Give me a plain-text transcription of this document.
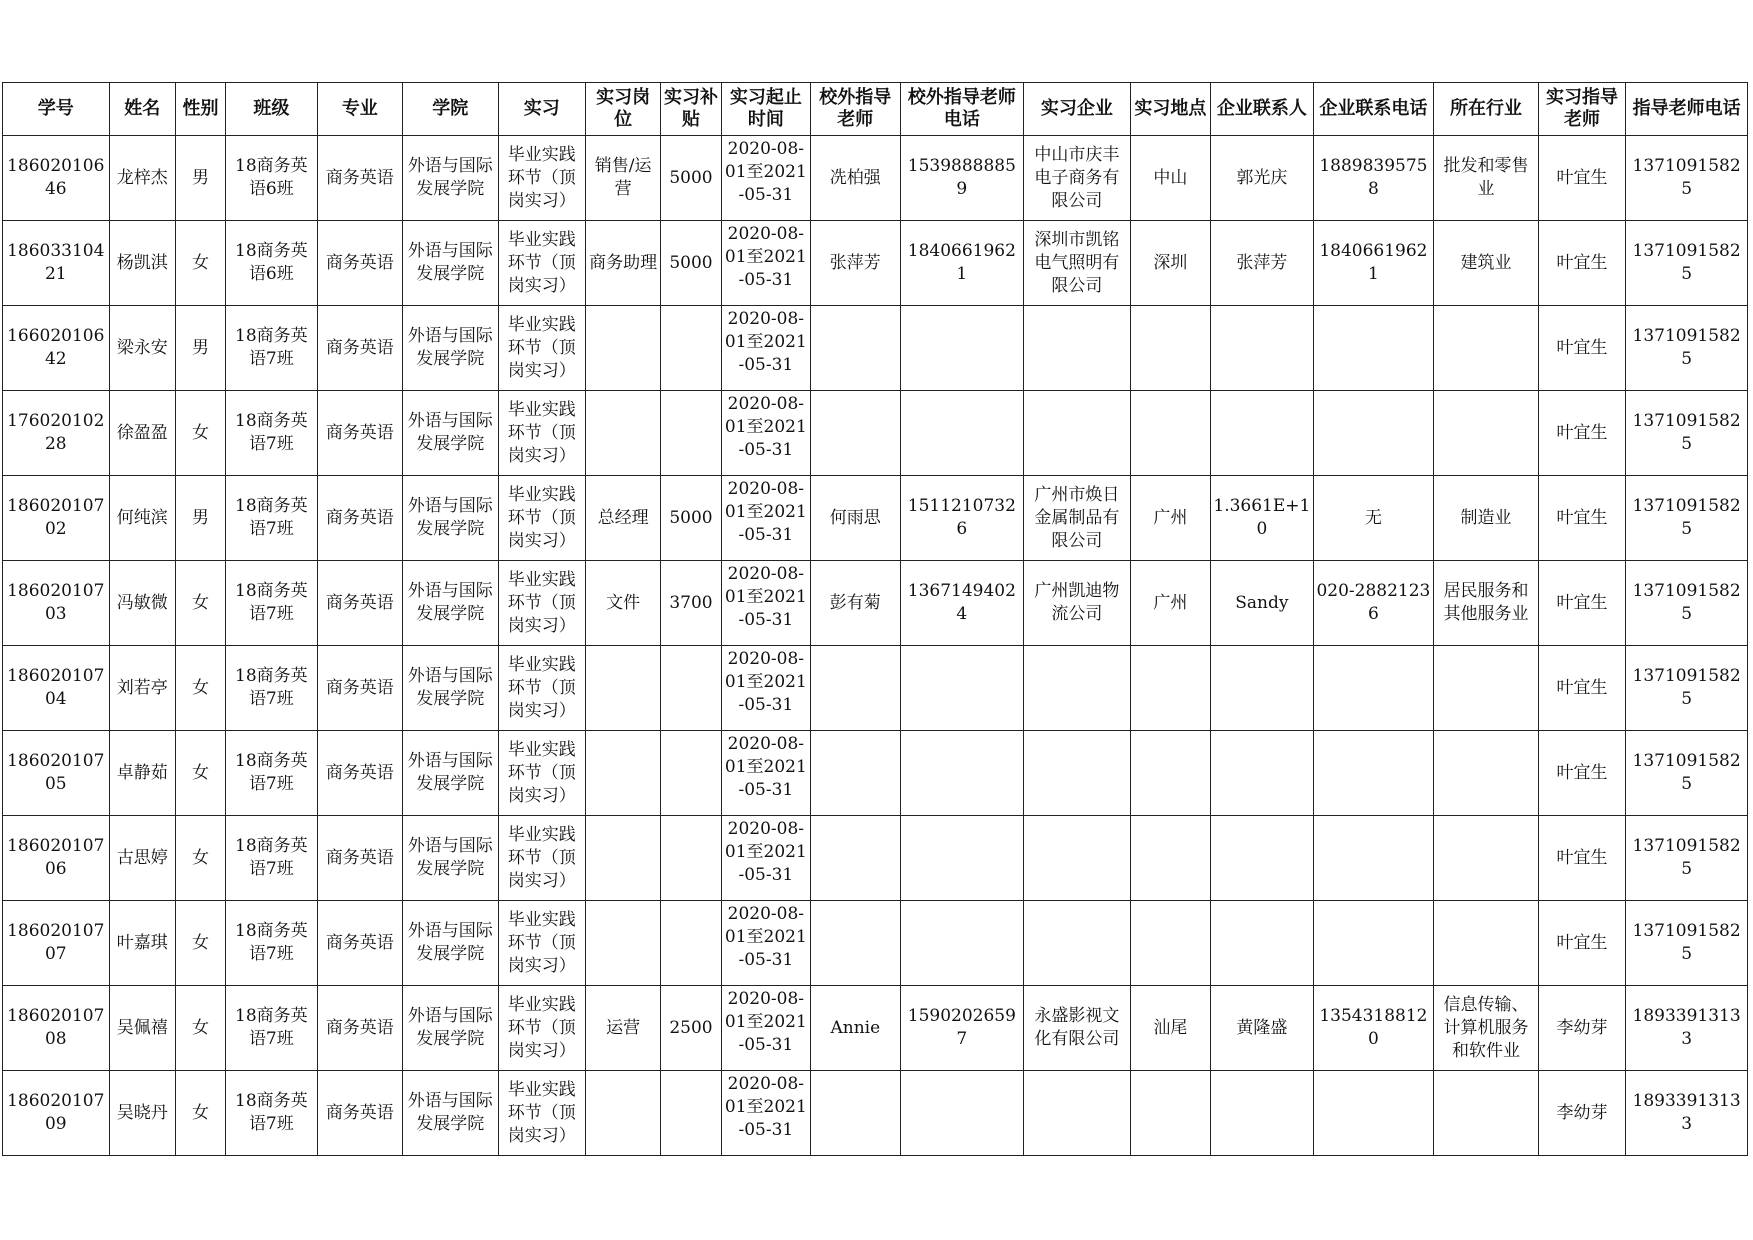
学号	姓名	性别	班级	专业	学院	实习	实习岗位	实习补贴	实习起止时间	校外指导老师	校外指导老师电话	实习企业	实习地点	企业联系人	企业联系电话	所在行业	实习指导老师	指导老师电话
18602010646	龙梓杰	男	18商务英语6班	商务英语	外语与国际发展学院	毕业实践环节（顶岗实习）	销售/运营	5000	2020-08-01至2021-05-31	冼柏强	15398888859	中山市庆丰电子商务有限公司	中山	郭光庆	18898395758	批发和零售业	叶宜生	13710915825
18603310421	杨凯淇	女	18商务英语6班	商务英语	外语与国际发展学院	毕业实践环节（顶岗实习）	商务助理	5000	2020-08-01至2021-05-31	张萍芳	18406619621	深圳市凯铭电气照明有限公司	深圳	张萍芳	18406619621	建筑业	叶宜生	13710915825
16602010642	梁永安	男	18商务英语7班	商务英语	外语与国际发展学院	毕业实践环节（顶岗实习）			2020-08-01至2021-05-31								叶宜生	13710915825
17602010228	徐盈盈	女	18商务英语7班	商务英语	外语与国际发展学院	毕业实践环节（顶岗实习）			2020-08-01至2021-05-31								叶宜生	13710915825
18602010702	何纯滨	男	18商务英语7班	商务英语	外语与国际发展学院	毕业实践环节（顶岗实习）	总经理	5000	2020-08-01至2021-05-31	何雨思	15112107326	广州市焕日金属制品有限公司	广州	1.3661E+10	无	制造业	叶宜生	13710915825
18602010703	冯敏微	女	18商务英语7班	商务英语	外语与国际发展学院	毕业实践环节（顶岗实习）	文件	3700	2020-08-01至2021-05-31	彭有菊	13671494024	广州凯迪物流公司	广州	Sandy	020-28821236	居民服务和其他服务业	叶宜生	13710915825
18602010704	刘若亭	女	18商务英语7班	商务英语	外语与国际发展学院	毕业实践环节（顶岗实习）			2020-08-01至2021-05-31								叶宜生	13710915825
18602010705	卓静茹	女	18商务英语7班	商务英语	外语与国际发展学院	毕业实践环节（顶岗实习）			2020-08-01至2021-05-31								叶宜生	13710915825
18602010706	古思婷	女	18商务英语7班	商务英语	外语与国际发展学院	毕业实践环节（顶岗实习）			2020-08-01至2021-05-31								叶宜生	13710915825
18602010707	叶嘉琪	女	18商务英语7班	商务英语	外语与国际发展学院	毕业实践环节（顶岗实习）			2020-08-01至2021-05-31								叶宜生	13710915825
18602010708	吴佩禧	女	18商务英语7班	商务英语	外语与国际发展学院	毕业实践环节（顶岗实习）	运营	2500	2020-08-01至2021-05-31	Annie	15902026597	永盛影视文化有限公司	汕尾	黄隆盛	13543188120	信息传输、计算机服务和软件业	李幼芽	18933913133
18602010709	吴晓丹	女	18商务英语7班	商务英语	外语与国际发展学院	毕业实践环节（顶岗实习）			2020-08-01至2021-05-31								李幼芽	18933913133
